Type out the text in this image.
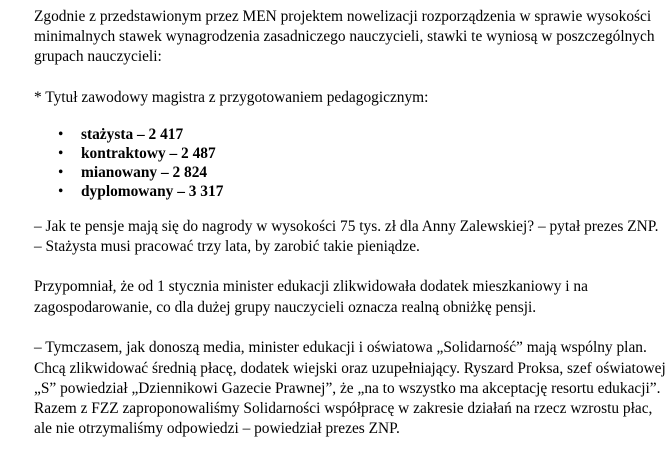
Zgodnie z przedstawionym przez MEN projektem nowelizacji rozporządzenia w sprawie wysokości minimalnych stawek wynagrodzenia zasadniczego nauczycieli, stawki te wyniosą w poszczególnych grupach nauczycieli:

* Tytuł zawodowy magistra z przygotowaniem pedagogicznym:

• stażysta – 2 417
• kontraktowy – 2 487
• mianowany – 2 824
• dyplomowany – 3 317

– Jak te pensje mają się do nagrody w wysokości 75 tys. zł dla Anny Zalewskiej? – pytał prezes ZNP. – Stażysta musi pracować trzy lata, by zarobić takie pieniądze.

Przypomniał, że od 1 stycznia minister edukacji zlikwidowała dodatek mieszkaniowy i na zagospodarowanie, co dla dużej grupy nauczycieli oznacza realną obniżkę pensji.

– Tymczasem, jak donoszą media, minister edukacji i oświatowa „Solidarność” mają wspólny plan. Chcą zlikwidować średnią płacę, dodatek wiejski oraz uzupełniający. Ryszard Proksa, szef oświatowej „S” powiedział „Dziennikowi Gazecie Prawnej”, że „na to wszystko ma akceptację resortu edukacji”. Razem z FZZ zaproponowaliśmy Solidarności współpracę w zakresie działań na rzecz wzrostu płac, ale nie otrzymaliśmy odpowiedzi – powiedział prezes ZNP.
